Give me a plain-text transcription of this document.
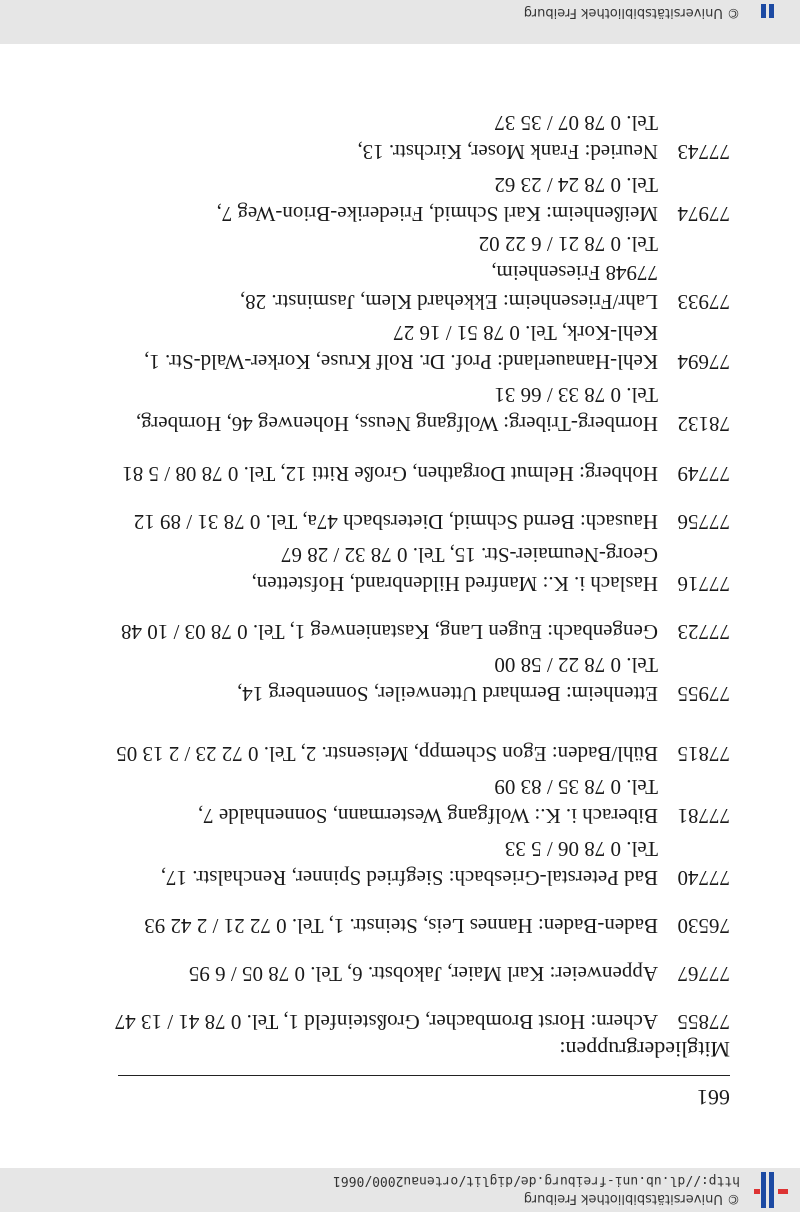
© Universitätsbibliothek Freiburg
http://dl.ub.uni-freiburg.de/diglit/ortenau2000/0661
661
Mitgliedergruppen:
77855
Achern: Horst Brombacher, Großsteinfeld 1, Tel. 0 78 41 / 13 47
77767
Appenweier: Karl Maier, Jakobstr. 6, Tel. 0 78 05 / 6 95
76530
Baden-Baden: Hannes Leis, Steinstr. 1, Tel. 0 72 21 / 2 42 93
77740
Bad Peterstal-Griesbach: Siegfried Spinner, Renchalstr. 17,
Tel. 0 78 06 / 5 33
77781
Biberach i. K.: Wolfgang Westermann, Sonnenhalde 7,
Tel. 0 78 35 / 83 09
77815
Bühl/Baden: Egon Schempp, Meisenstr. 2, Tel. 0 72 23 / 2 13 05
77955
Ettenheim: Bernhard Uttenweiler, Sonnenberg 14,
Tel. 0 78 22 / 58 00
77723
Gengenbach: Eugen Lang, Kastanienweg 1, Tel. 0 78 03 / 10 48
77716
Haslach i. K.: Manfred Hildenbrand, Hofstetten,
Georg-Neumaier-Str. 15, Tel. 0 78 32 / 28 67
77756
Hausach: Bernd Schmid, Dietersbach 47a, Tel. 0 78 31 / 89 12
77749
Hohberg: Helmut Dorgathen, Große Ritti 12, Tel. 0 78 08 / 5 81
78132
Hornberg-Triberg: Wolfgang Neuss, Hohenweg 46, Hornberg,
Tel. 0 78 33 / 66 31
77694
Kehl-Hanauerland: Prof. Dr. Rolf Kruse, Korker-Wald-Str. 1,
Kehl-Kork, Tel. 0 78 51 / 16 27
77933
Lahr/Friesenheim: Ekkehard Klem, Jasminstr. 28,
77948 Friesenheim,
Tel. 0 78 21 / 6 22 02
77974
Meißenheim: Karl Schmid, Friederike-Brion-Weg 7,
Tel. 0 78 24 / 23 62
77743
Neuried: Frank Moser, Kirchstr. 13,
Tel. 0 78 07 / 35 37
© Universitätsbibliothek Freiburg
